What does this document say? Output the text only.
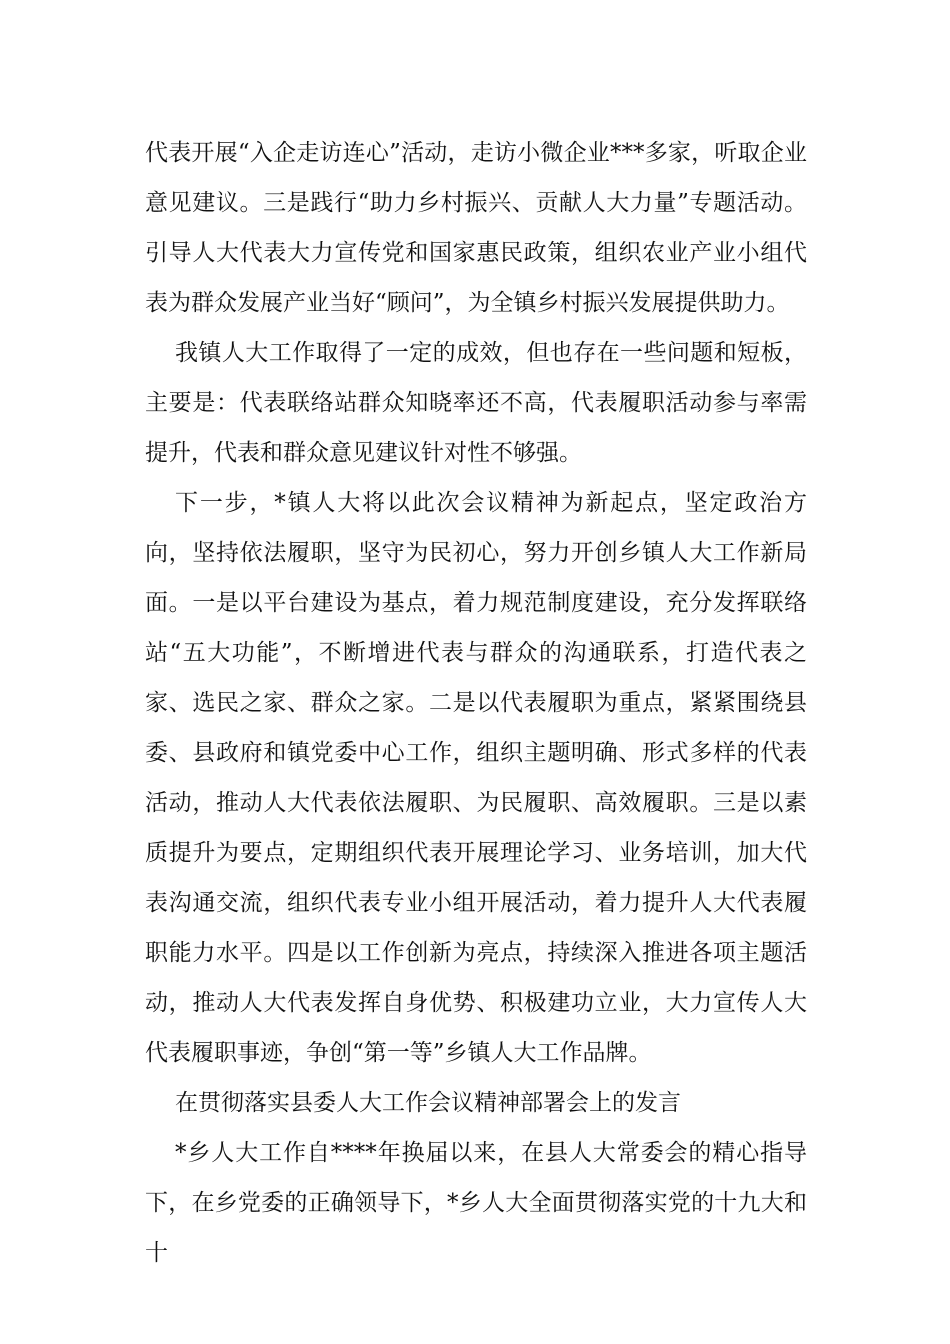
代表开展“入企走访连心”活动，走访小微企业***多家，听取企业意见建议。三是践行“助力乡村振兴、贡献人大力量”专题活动。引导人大代表大力宣传党和国家惠民政策，组织农业产业小组代表为群众发展产业当好“顾问”，为全镇乡村振兴发展提供助力。

我镇人大工作取得了一定的成效，但也存在一些问题和短板，主要是：代表联络站群众知晓率还不高，代表履职活动参与率需提升，代表和群众意见建议针对性不够强。

下一步，*镇人大将以此次会议精神为新起点，坚定政治方向，坚持依法履职，坚守为民初心，努力开创乡镇人大工作新局面。一是以平台建设为基点，着力规范制度建设，充分发挥联络站“五大功能”，不断增进代表与群众的沟通联系，打造代表之家、选民之家、群众之家。二是以代表履职为重点，紧紧围绕县委、县政府和镇党委中心工作，组织主题明确、形式多样的代表活动，推动人大代表依法履职、为民履职、高效履职。三是以素质提升为要点，定期组织代表开展理论学习、业务培训，加大代表沟通交流，组织代表专业小组开展活动，着力提升人大代表履职能力水平。四是以工作创新为亮点，持续深入推进各项主题活动，推动人大代表发挥自身优势、积极建功立业，大力宣传人大代表履职事迹，争创“第一等”乡镇人大工作品牌。

在贯彻落实县委人大工作会议精神部署会上的发言

*乡人大工作自****年换届以来，在县人大常委会的精心指导下，在乡党委的正确领导下，*乡人大全面贯彻落实党的十九大和十
